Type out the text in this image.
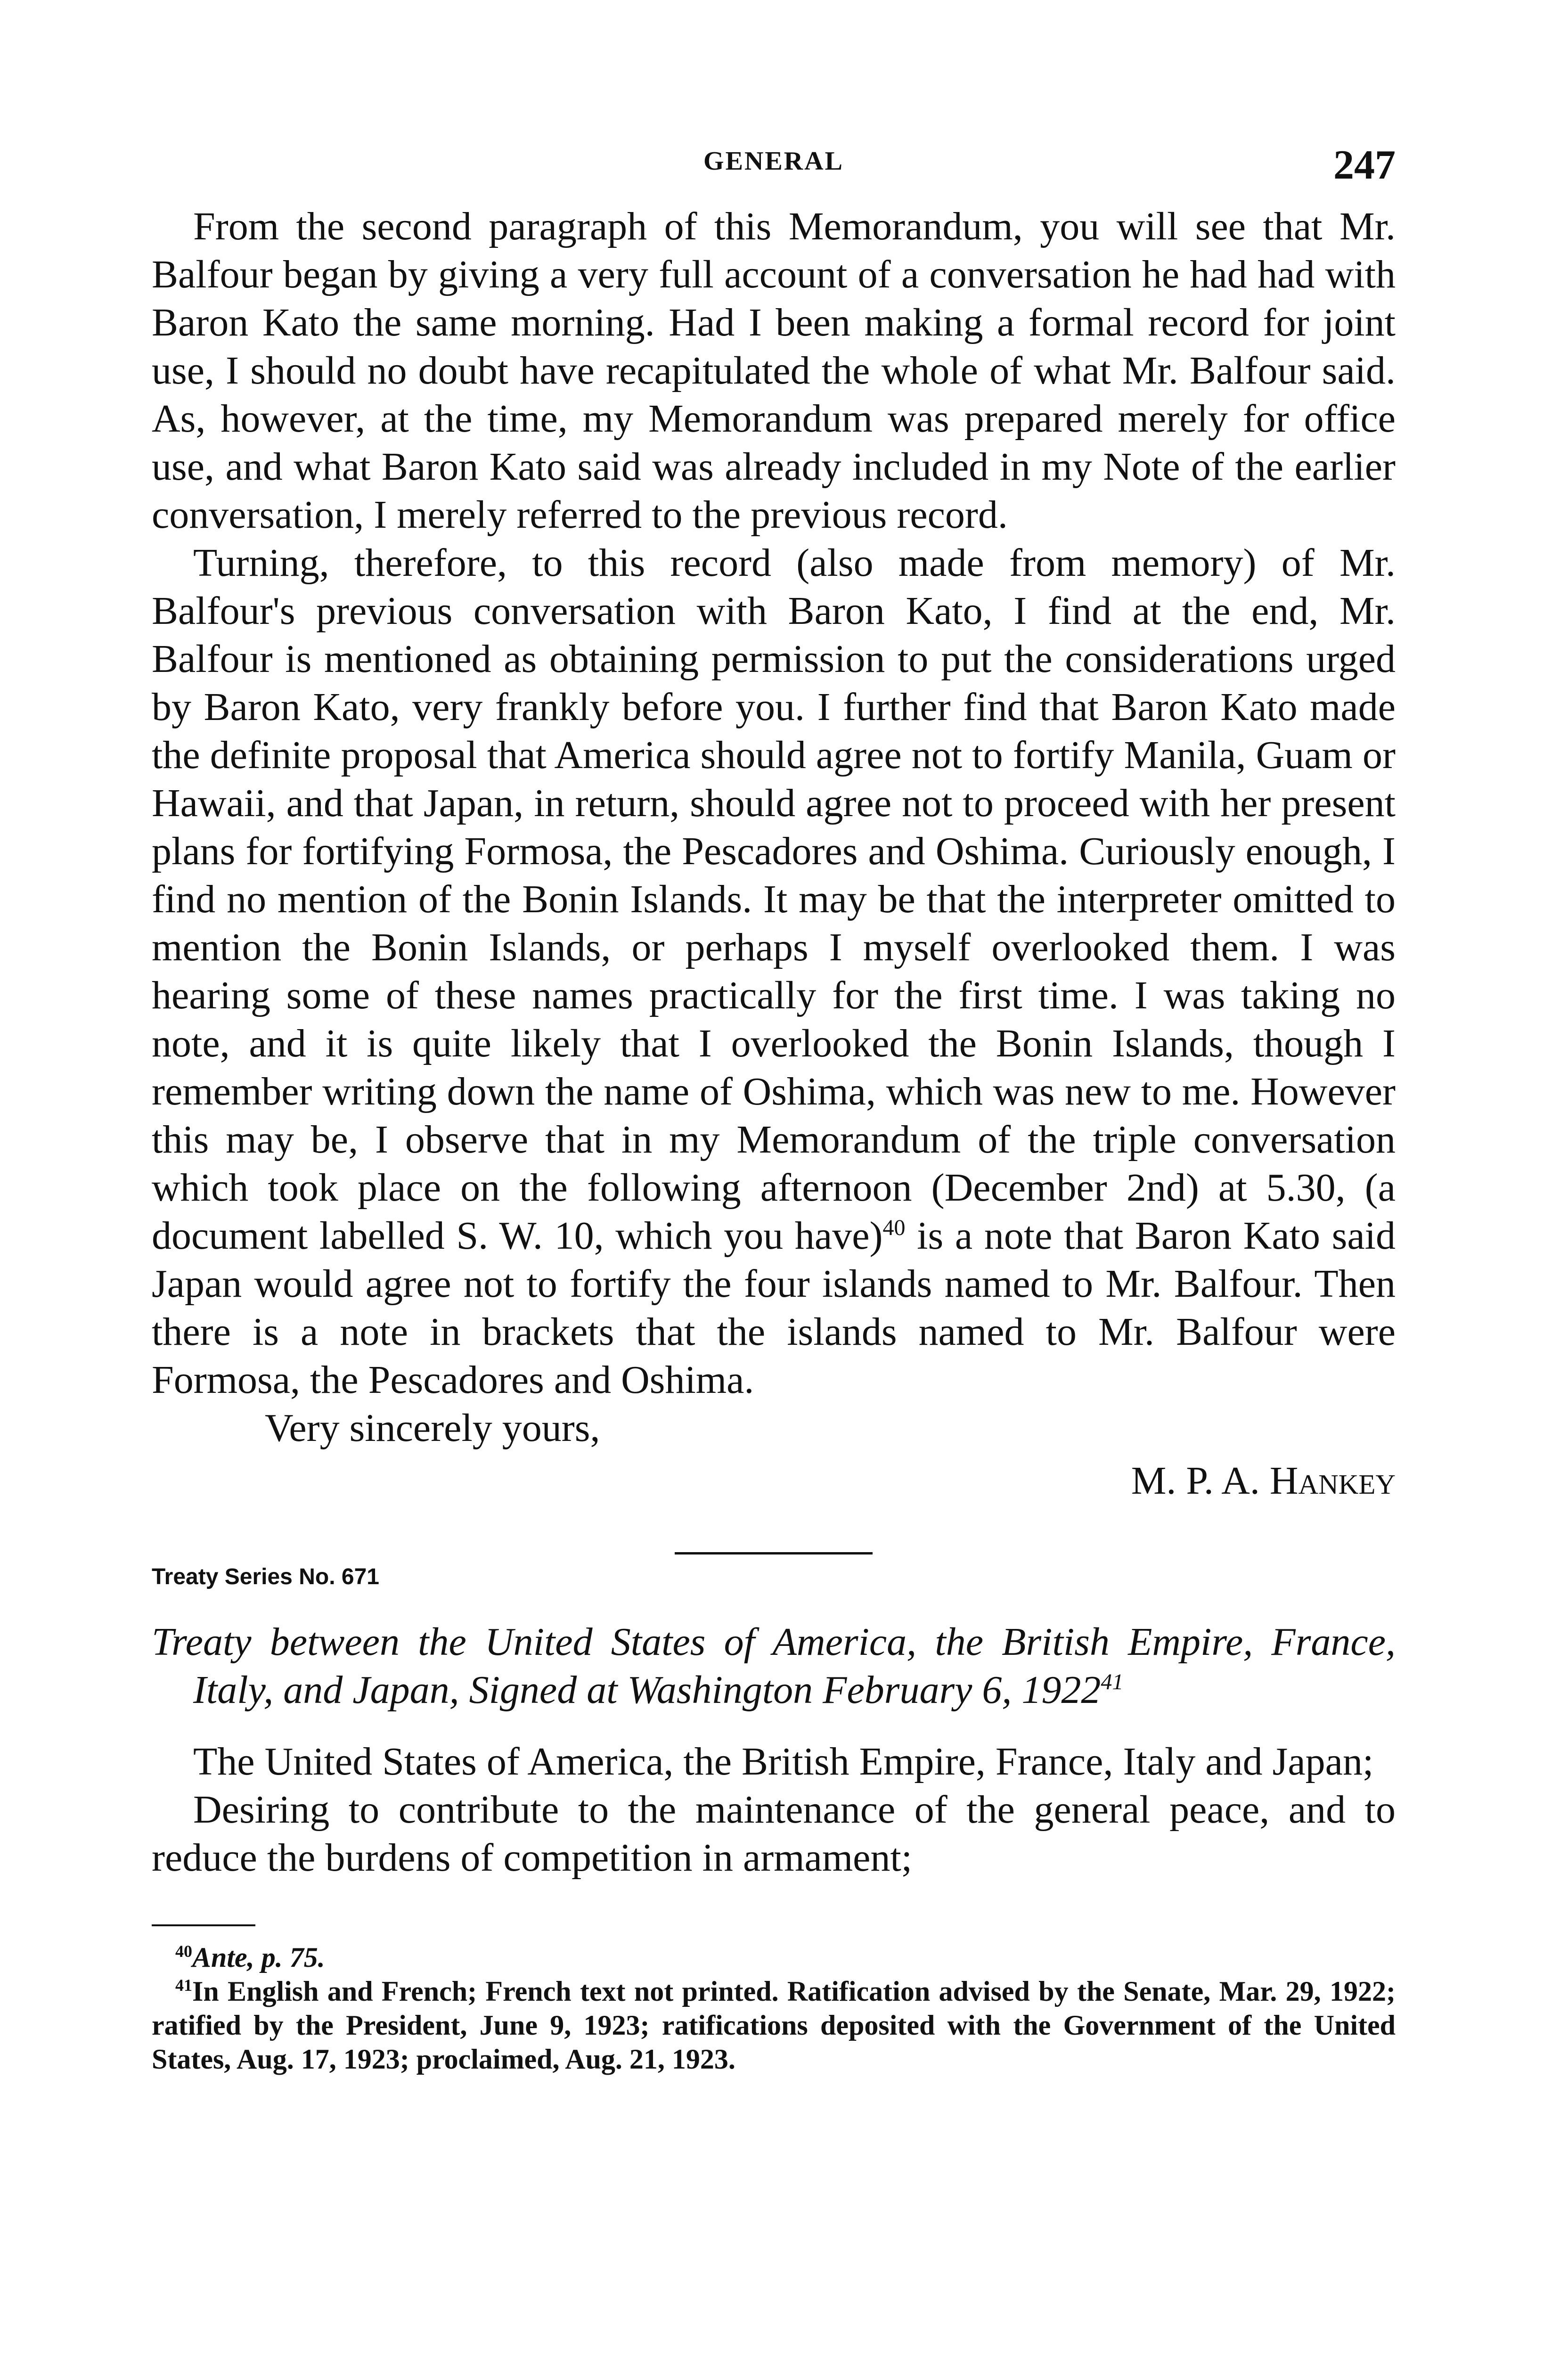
GENERAL	247

From the second paragraph of this Memorandum, you will see that Mr. Balfour began by giving a very full account of a conversation he had had with Baron Kato the same morning. Had I been making a formal record for joint use, I should no doubt have recapitulated the whole of what Mr. Balfour said. As, however, at the time, my Memorandum was prepared merely for office use, and what Baron Kato said was already included in my Note of the earlier conversation, I merely referred to the previous record.

Turning, therefore, to this record (also made from memory) of Mr. Balfour's previous conversation with Baron Kato, I find at the end, Mr. Balfour is mentioned as obtaining permission to put the considerations urged by Baron Kato, very frankly before you. I further find that Baron Kato made the definite proposal that America should agree not to fortify Manila, Guam or Hawaii, and that Japan, in return, should agree not to proceed with her present plans for fortifying Formosa, the Pescadores and Oshima. Curiously enough, I find no mention of the Bonin Islands. It may be that the interpreter omitted to mention the Bonin Islands, or perhaps I myself overlooked them. I was hearing some of these names practically for the first time. I was taking no note, and it is quite likely that I overlooked the Bonin Islands, though I remember writing down the name of Oshima, which was new to me. However this may be, I observe that in my Memorandum of the triple conversation which took place on the following afternoon (December 2nd) at 5.30, (a document labelled S. W. 10, which you have)$^{40}$ is a note that Baron Kato said Japan would agree not to fortify the four islands named to Mr. Balfour. Then there is a note in brackets that the islands named to Mr. Balfour were Formosa, the Pescadores and Oshima.

Very sincerely yours,

M. P. A. Hankey

Treaty Series No. 671

Treaty between the United States of America, the British Empire, France, Italy, and Japan, Signed at Washington February 6, 1922$^{41}$

The United States of America, the British Empire, France, Italy and Japan;

Desiring to contribute to the maintenance of the general peace, and to reduce the burdens of competition in armament;

$^{40}$Ante, p. 75.

$^{41}$In English and French; French text not printed. Ratification advised by the Senate, Mar. 29, 1922; ratified by the President, June 9, 1923; ratifications deposited with the Government of the United States, Aug. 17, 1923; proclaimed, Aug. 21, 1923.
